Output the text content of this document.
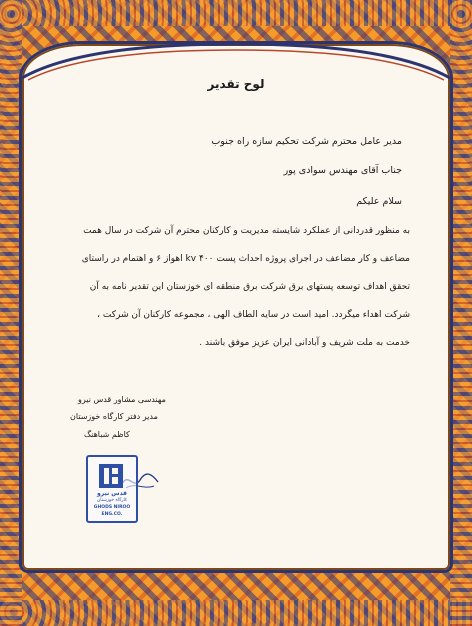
لوح تقدیر
مدیر عامل محترم شرکت تحکیم سازه راه جنوب
جناب آقای مهندس سوادی پور
سلام علیکم
به منظور قدردانی از عملکرد شایسته مدیریت و کارکنان محترم آن شرکت در سال همت
مضاعف و کار مضاعف در اجرای پروژه احداث پست ۴۰۰ kv اهواز ۶ و اهتمام در راستای
تحقق اهداف توسعه پستهای برق شرکت برق منطقه ای خوزستان این تقدیر نامه به آن
شرکت اهداء میگردد. امید است در سایه الطاف الهی ، مجموعه کارکنان آن شرکت ،
خدمت به ملت شریف و آبادانی ایران عزیز موفق باشند .
مهندسی مشاور قدس نیرو
مدیر دفتر کارگاه خوزستان
کاظم شباهنگ
قدس نیرو
کارگاه خوزستان
GHODS NIROO
ENG.CO.
